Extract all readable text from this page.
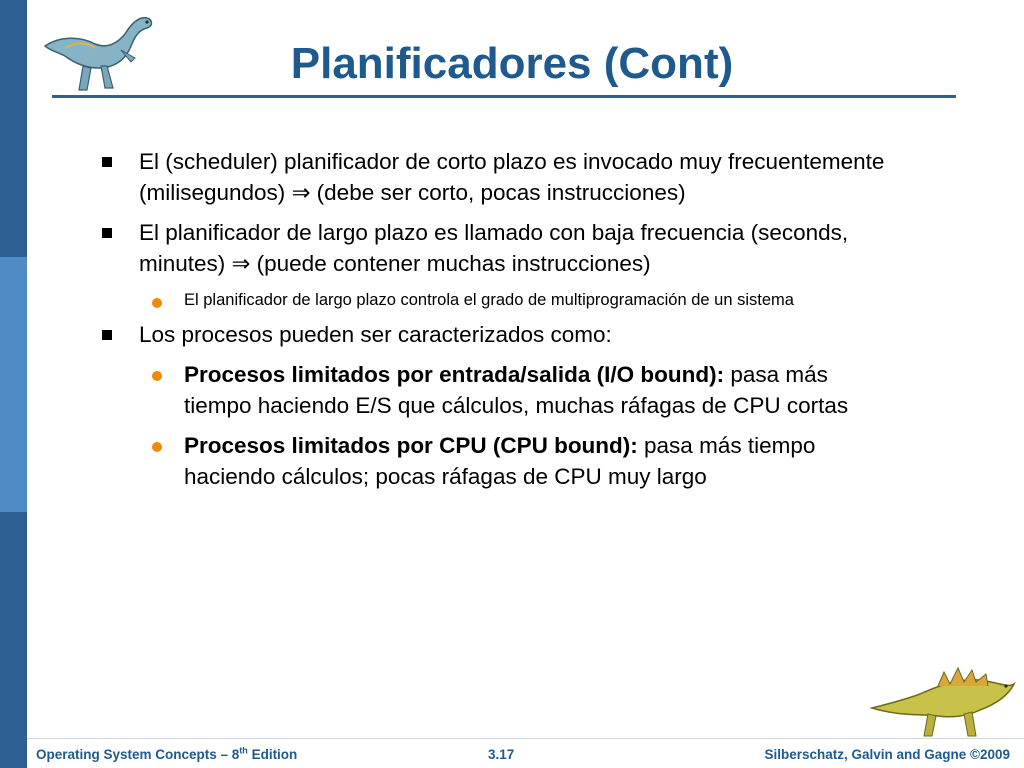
Planificadores (Cont)
El (scheduler) planificador de corto plazo es invocado muy frecuentemente (milisegundos) ⇒ (debe ser corto, pocas instrucciones)
El planificador de largo plazo es llamado con baja frecuencia (seconds, minutes) ⇒ (puede contener muchas instrucciones)
El planificador de largo plazo controla el grado de multiprogramación de un sistema
Los procesos pueden ser caracterizados como:
Procesos limitados por entrada/salida (I/O bound): pasa más tiempo haciendo E/S que cálculos, muchas ráfagas de CPU cortas
Procesos limitados por CPU (CPU bound): pasa más tiempo haciendo cálculos; pocas ráfagas de CPU muy largo
Operating System Concepts – 8th Edition	3.17	Silberschatz, Galvin and Gagne ©2009
